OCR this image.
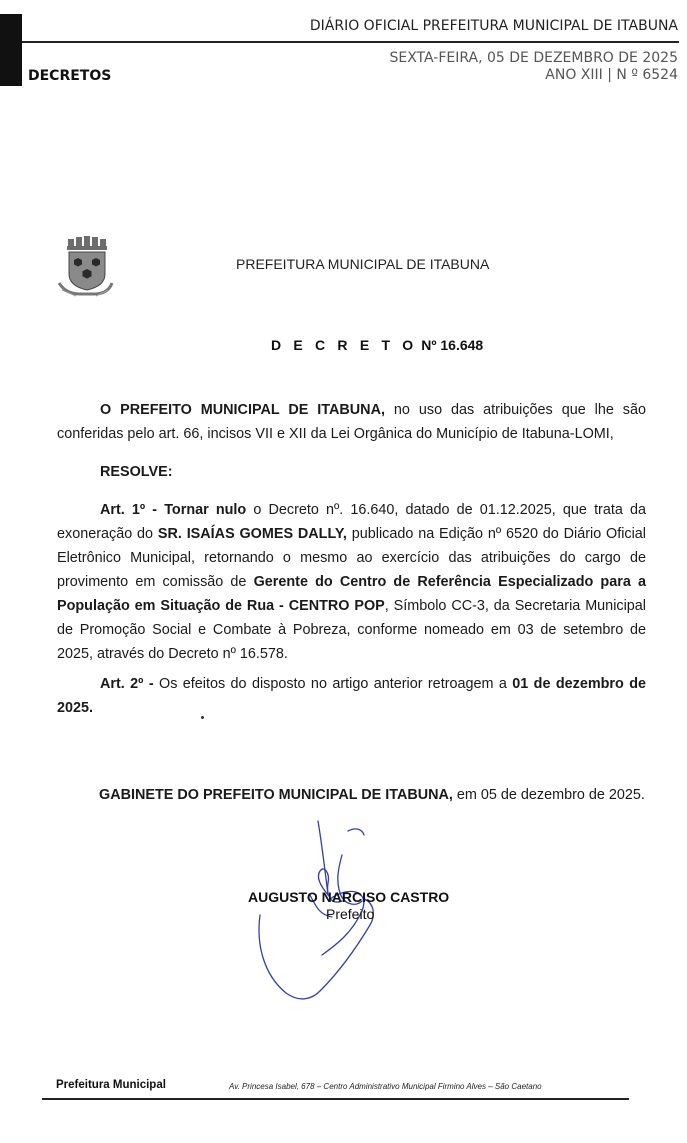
DIÁRIO OFICIAL PREFEITURA MUNICIPAL DE ITABUNA
SEXTA-FEIRA, 05 DE DEZEMBRO DE 2025
ANO XIII | N º 6524
DECRETOS
PREFEITURA MUNICIPAL DE ITABUNA
D E C R E T O Nº 16.648
O PREFEITO MUNICIPAL DE ITABUNA, no uso das atribuições que lhe são conferidas pelo art. 66, incisos VII e XII da Lei Orgânica do Município de Itabuna-LOMI,
RESOLVE:
Art. 1º - Tornar nulo o Decreto nº. 16.640, datado de 01.12.2025, que trata da exoneração do SR. ISAÍAS GOMES DALLY, publicado na Edição nº 6520 do Diário Oficial Eletrônico Municipal, retornando o mesmo ao exercício das atribuições do cargo de provimento em comissão de Gerente do Centro de Referência Especializado para a População em Situação de Rua - CENTRO POP, Símbolo CC-3, da Secretaria Municipal de Promoção Social e Combate à Pobreza, conforme nomeado em 03 de setembro de 2025, através do Decreto nº 16.578.
Art. 2º - Os efeitos do disposto no artigo anterior retroagem a 01 de dezembro de 2025.
GABINETE DO PREFEITO MUNICIPAL DE ITABUNA, em 05 de dezembro de 2025.
AUGUSTO NARCISO CASTRO
Prefeito
Prefeitura Municipal	Av. Princesa Isabel, 678 – Centro Administrativo Municipal Firmino Alves – São Caetano
